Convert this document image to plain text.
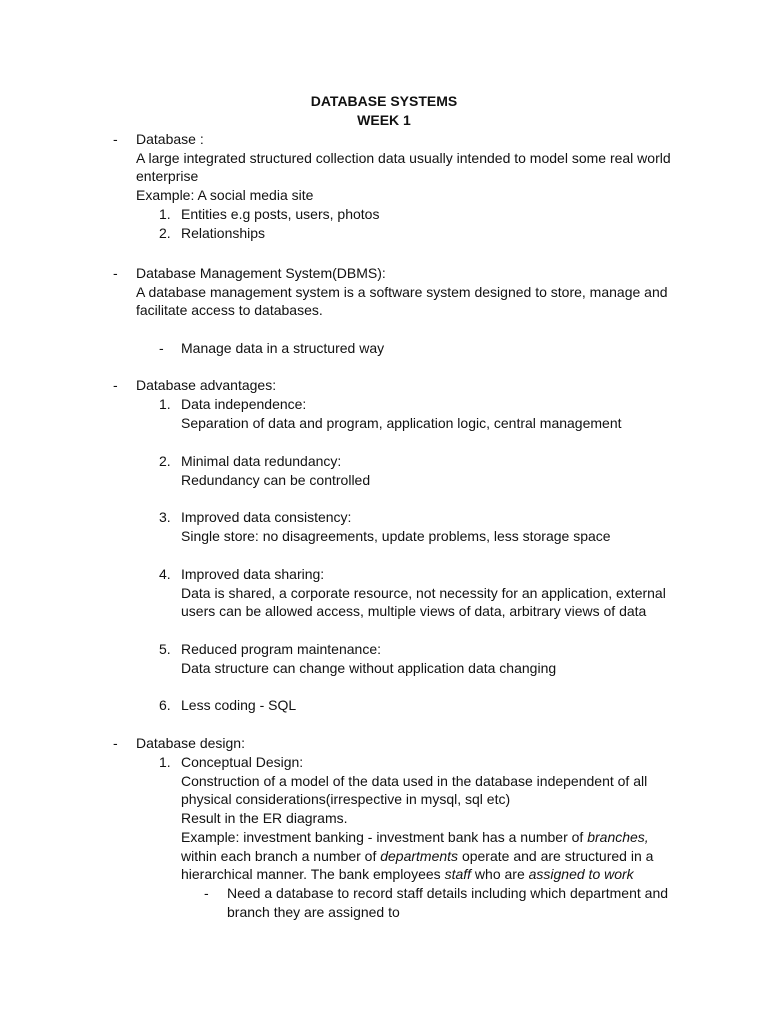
DATABASE SYSTEMS
WEEK 1
- Database :
A large integrated structured collection data usually intended to model some real world
enterprise
Example: A social media site
1. Entities e.g posts, users, photos
2. Relationships
- Database Management System(DBMS):
A database management system is a software system designed to store, manage and
facilitate access to databases.
- Manage data in a structured way
- Database advantages:
1. Data independence:
Separation of data and program, application logic, central management
2. Minimal data redundancy:
Redundancy can be controlled
3. Improved data consistency:
Single store: no disagreements, update problems, less storage space
4. Improved data sharing:
Data is shared, a corporate resource, not necessity for an application, external
users can be allowed access, multiple views of data, arbitrary views of data
5. Reduced program maintenance:
Data structure can change without application data changing
6. Less coding - SQL
- Database design:
1. Conceptual Design:
Construction of a model of the data used in the database independent of all
physical considerations(irrespective in mysql, sql etc)
Result in the ER diagrams.
Example: investment banking - investment bank has a number of branches,
within each branch a number of departments operate and are structured in a
hierarchical manner. The bank employees staff who are assigned to work
- Need a database to record staff details including which department and
branch they are assigned to
